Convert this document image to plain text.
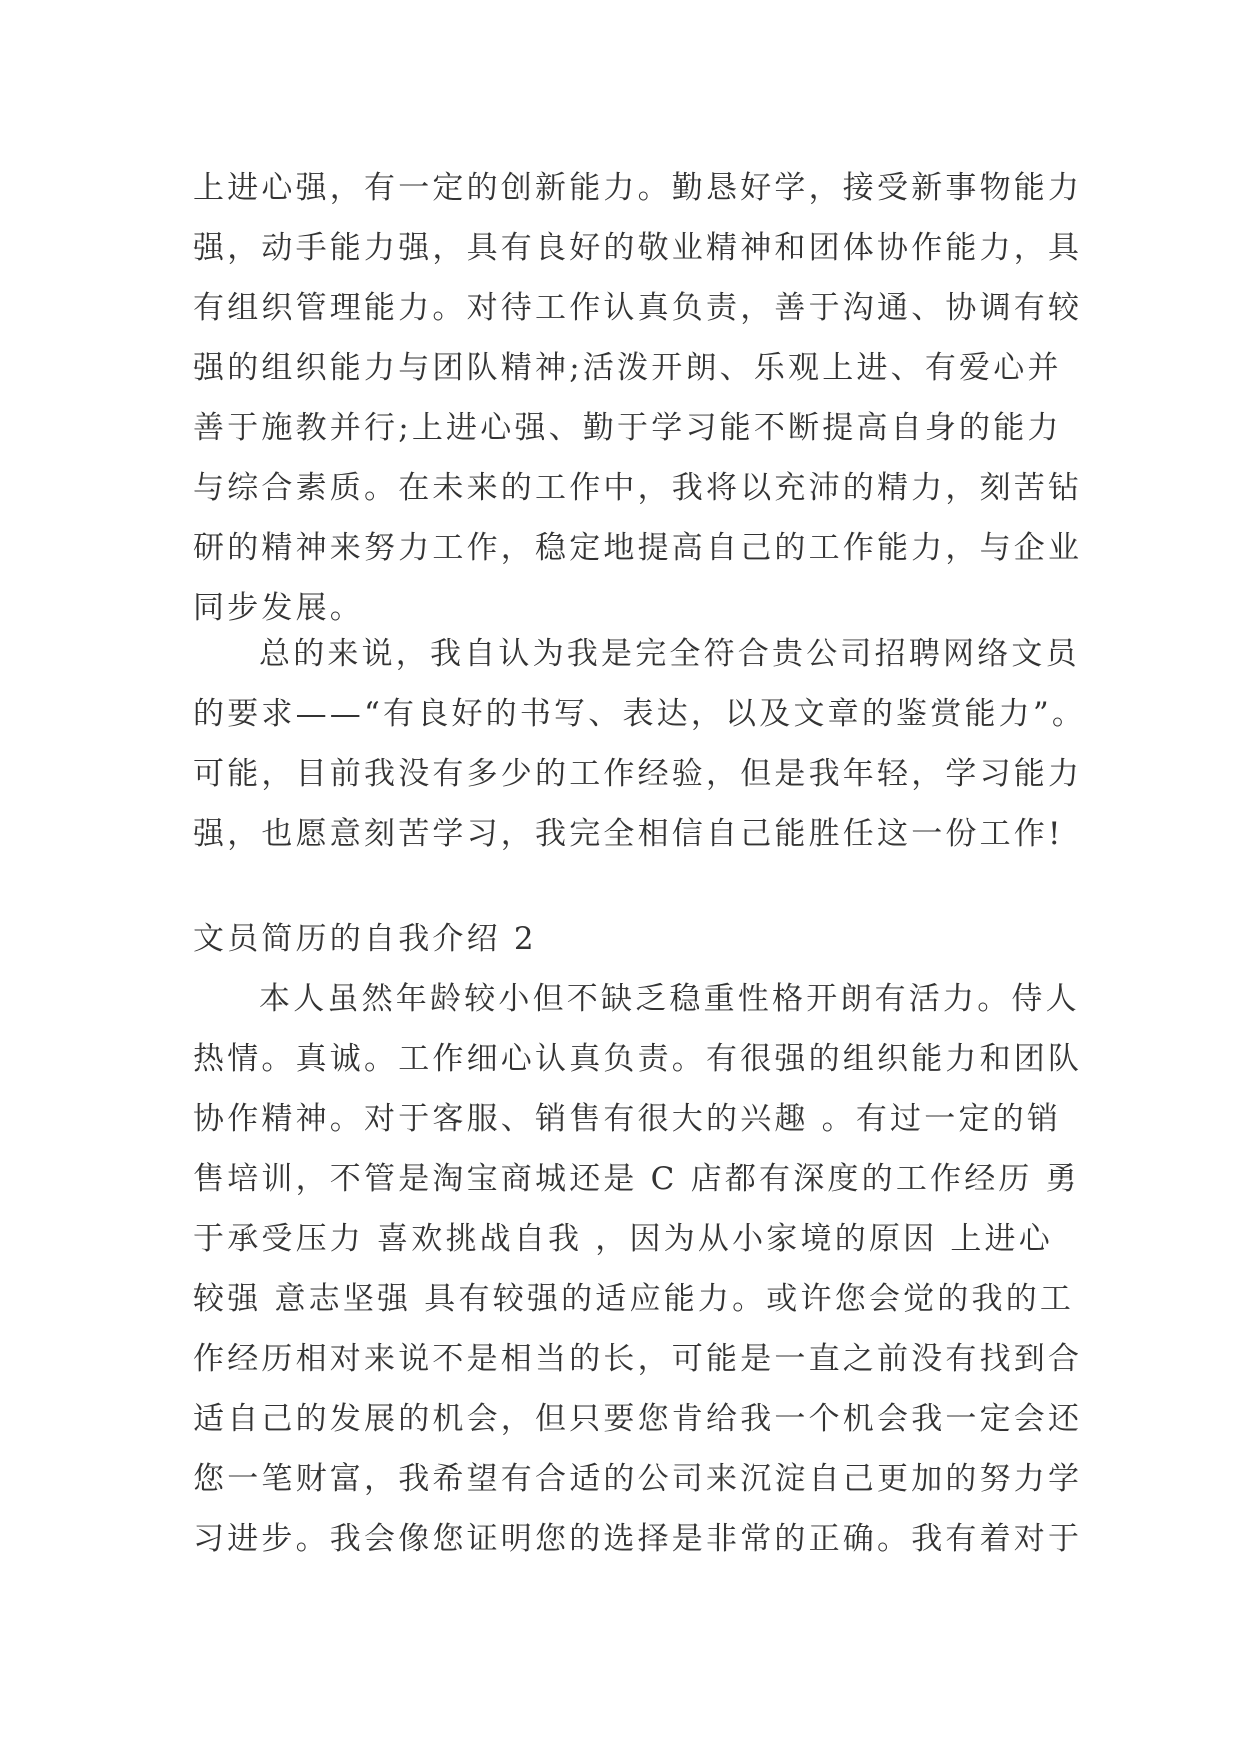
上进心强，有一定的创新能力。勤恳好学，接受新事物能力
强，动手能力强，具有良好的敬业精神和团体协作能力，具
有组织管理能力。对待工作认真负责，善于沟通、协调有较
强的组织能力与团队精神;活泼开朗、乐观上进、有爱心并
善于施教并行;上进心强、勤于学习能不断提高自身的能力
与综合素质。在未来的工作中，我将以充沛的精力，刻苦钻
研的精神来努力工作，稳定地提高自己的工作能力，与企业
同步发展。
总的来说，我自认为我是完全符合贵公司招聘网络文员
的要求——“有良好的书写、表达，以及文章的鉴赏能力”。
可能，目前我没有多少的工作经验，但是我年轻，学习能力
强，也愿意刻苦学习，我完全相信自己能胜任这一份工作!
文员简历的自我介绍 2
本人虽然年龄较小但不缺乏稳重性格开朗有活力。侍人
热情。真诚。工作细心认真负责。有很强的组织能力和团队
协作精神。对于客服、销售有很大的兴趣 。有过一定的销
售培训，不管是淘宝商城还是 C 店都有深度的工作经历 勇
于承受压力 喜欢挑战自我 ，因为从小家境的原因 上进心
较强 意志坚强 具有较强的适应能力。或许您会觉的我的工
作经历相对来说不是相当的长，可能是一直之前没有找到合
适自己的发展的机会，但只要您肯给我一个机会我一定会还
您一笔财富，我希望有合适的公司来沉淀自己更加的努力学
习进步。我会像您证明您的选择是非常的正确。我有着对于
